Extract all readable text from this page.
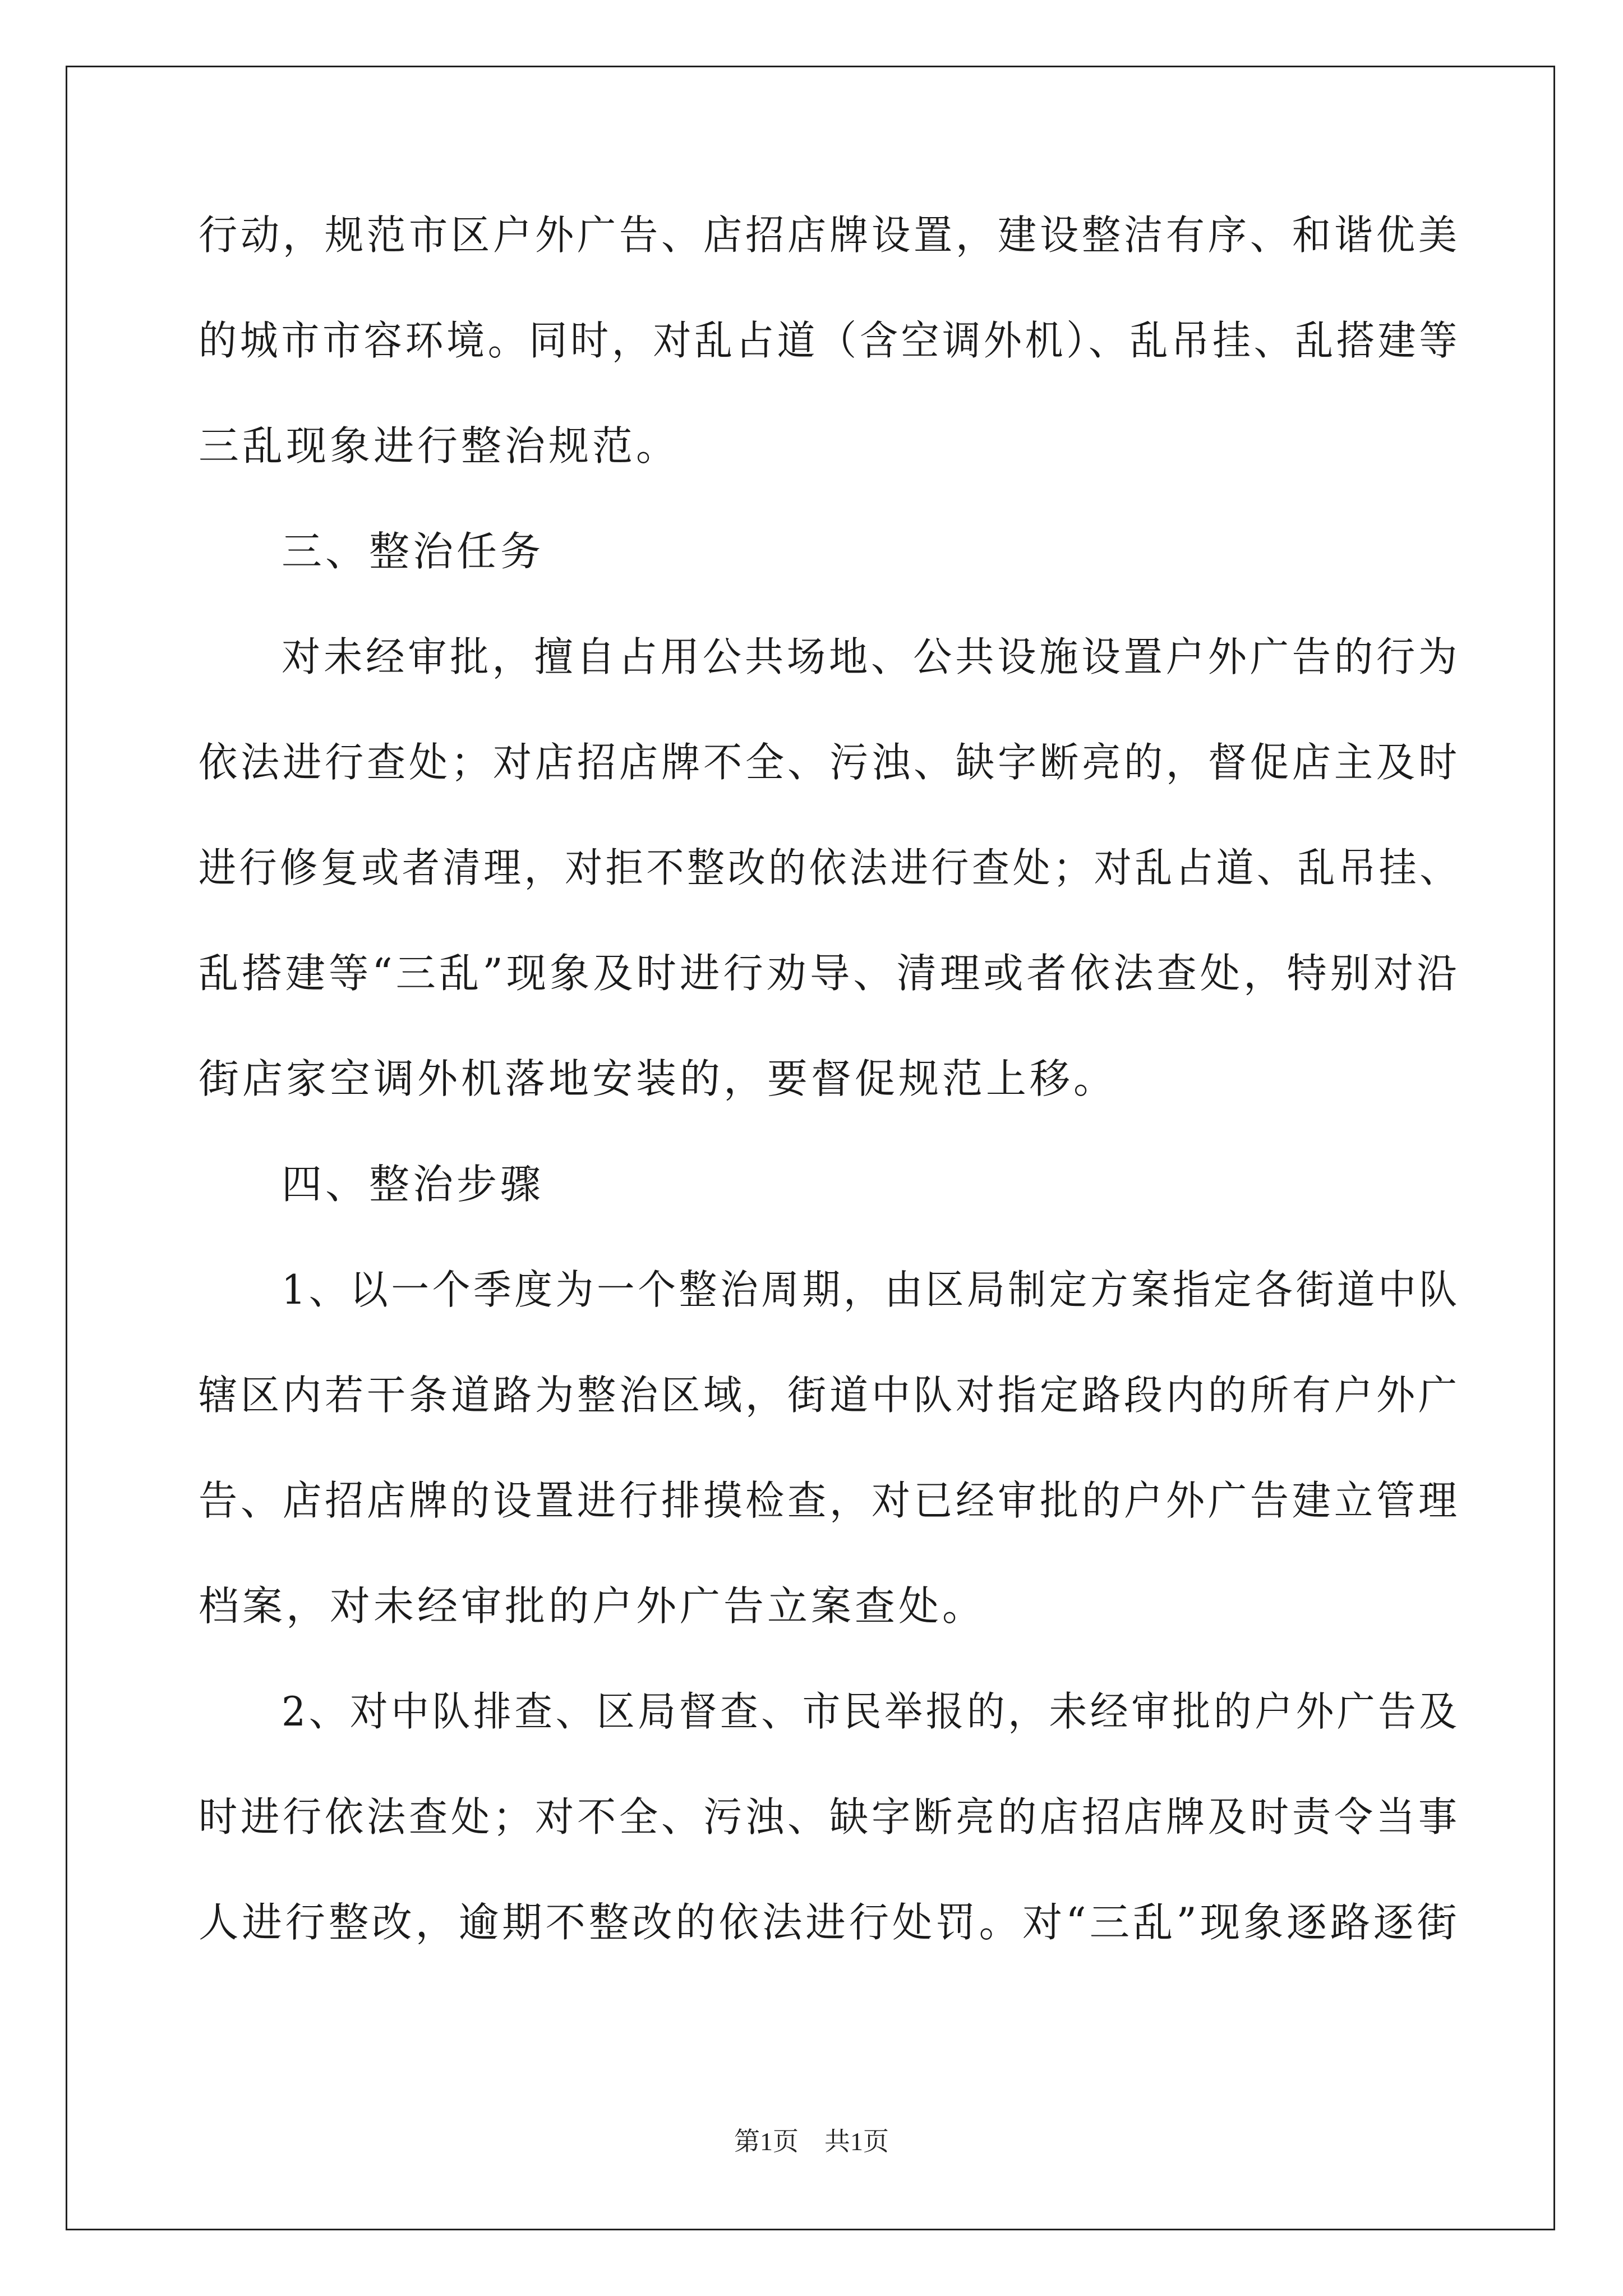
行动，规范市区户外广告、店招店牌设置，建设整洁有序、和谐优美
的城市市容环境。同时，对乱占道（含空调外机）、乱吊挂、乱搭建等
三乱现象进行整治规范。
三、整治任务
对未经审批，擅自占用公共场地、公共设施设置户外广告的行为
依法进行查处；对店招店牌不全、污浊、缺字断亮的，督促店主及时
进行修复或者清理，对拒不整改的依法进行查处；对乱占道、乱吊挂、
乱搭建等“三乱”现象及时进行劝导、清理或者依法查处，特别对沿
街店家空调外机落地安装的，要督促规范上移。
四、整治步骤
1、以一个季度为一个整治周期，由区局制定方案指定各街道中队
辖区内若干条道路为整治区域，街道中队对指定路段内的所有户外广
告、店招店牌的设置进行排摸检查，对已经审批的户外广告建立管理
档案，对未经审批的户外广告立案查处。
2、对中队排查、区局督查、市民举报的，未经审批的户外广告及
时进行依法查处；对不全、污浊、缺字断亮的店招店牌及时责令当事
人进行整改，逾期不整改的依法进行处罚。对“三乱”现象逐路逐街
第1页　共1页
